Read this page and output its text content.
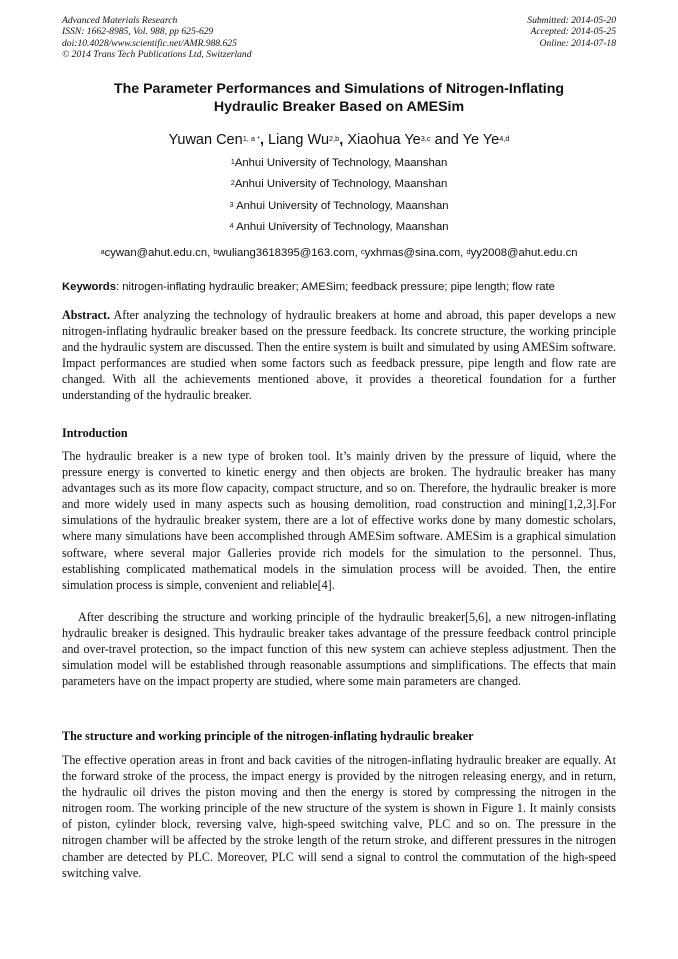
Advanced Materials Research
ISSN: 1662-8985, Vol. 988, pp 625-629
doi:10.4028/www.scientific.net/AMR.988.625
© 2014 Trans Tech Publications Ltd, Switzerland
Submitted: 2014-05-20
Accepted: 2014-05-25
Online: 2014-07-18
The Parameter Performances and Simulations of Nitrogen-Inflating
Hydraulic Breaker Based on AMESim
Yuwan Cen$^{1, a *}$, Liang Wu$^{2,b}$, Xiaohua Ye$^{3,c}$ and Ye Ye$^{4,d}$
$^1$Anhui University of Technology, Maanshan
$^2$Anhui University of Technology, Maanshan
$^3$ Anhui University of Technology, Maanshan
$^4$ Anhui University of Technology, Maanshan
$^a$cywan@ahut.edu.cn, $^b$wuliang3618395@163.com, $^c$yxhmas@sina.com, $^d$yy2008@ahut.edu.cn
Keywords: nitrogen-inflating hydraulic breaker; AMESim; feedback pressure; pipe length; flow rate
Abstract. After analyzing the technology of hydraulic breakers at home and abroad, this paper develops a new nitrogen-inflating hydraulic breaker based on the pressure feedback. Its concrete structure, the working principle and the hydraulic system are discussed. Then the entire system is built and simulated by using AMESim software. Impact performances are studied when some factors such as feedback pressure, pipe length and flow rate are changed. With all the achievements mentioned above, it provides a theoretical foundation for a further understanding of the hydraulic breaker.
Introduction
The hydraulic breaker is a new type of broken tool. It’s mainly driven by the pressure of liquid, where the pressure energy is converted to kinetic energy and then objects are broken. The hydraulic breaker has many advantages such as its more flow capacity, compact structure, and so on. Therefore, the hydraulic breaker is more and more widely used in many aspects such as housing demolition, road construction and mining[1,2,3].For simulations of the hydraulic breaker system, there are a lot of effective works done by many domestic scholars, where many simulations have been accomplished through AMESim software. AMESim is a graphical simulation software, where several major Galleries provide rich models for the simulation to the personnel. Thus, establishing complicated mathematical models in the simulation process will be avoided. Then, the entire simulation process is simple, convenient and reliable[4].
After describing the structure and working principle of the hydraulic breaker[5,6], a new nitrogen-inflating hydraulic breaker is designed. This hydraulic breaker takes advantage of the pressure feedback control principle and over-travel protection, so the impact function of this new system can achieve stepless adjustment. Then the simulation model will be established through reasonable assumptions and simplifications. The effects that main parameters have on the impact property are studied, where some main parameters are changed.
The structure and working principle of the nitrogen-inflating hydraulic breaker
The effective operation areas in front and back cavities of the nitrogen-inflating hydraulic breaker are equally. At the forward stroke of the process, the impact energy is provided by the nitrogen releasing energy, and in return, the hydraulic oil drives the piston moving and then the energy is stored by compressing the nitrogen in the nitrogen room. The working principle of the new structure of the system is shown in Figure 1. It mainly consists of piston, cylinder block, reversing valve, high-speed switching valve, PLC and so on. The pressure in the nitrogen chamber will be affected by the stroke length of the return stroke, and different pressures in the nitrogen chamber are detected by PLC. Moreover, PLC will send a signal to control the commutation of the high-speed switching valve.
